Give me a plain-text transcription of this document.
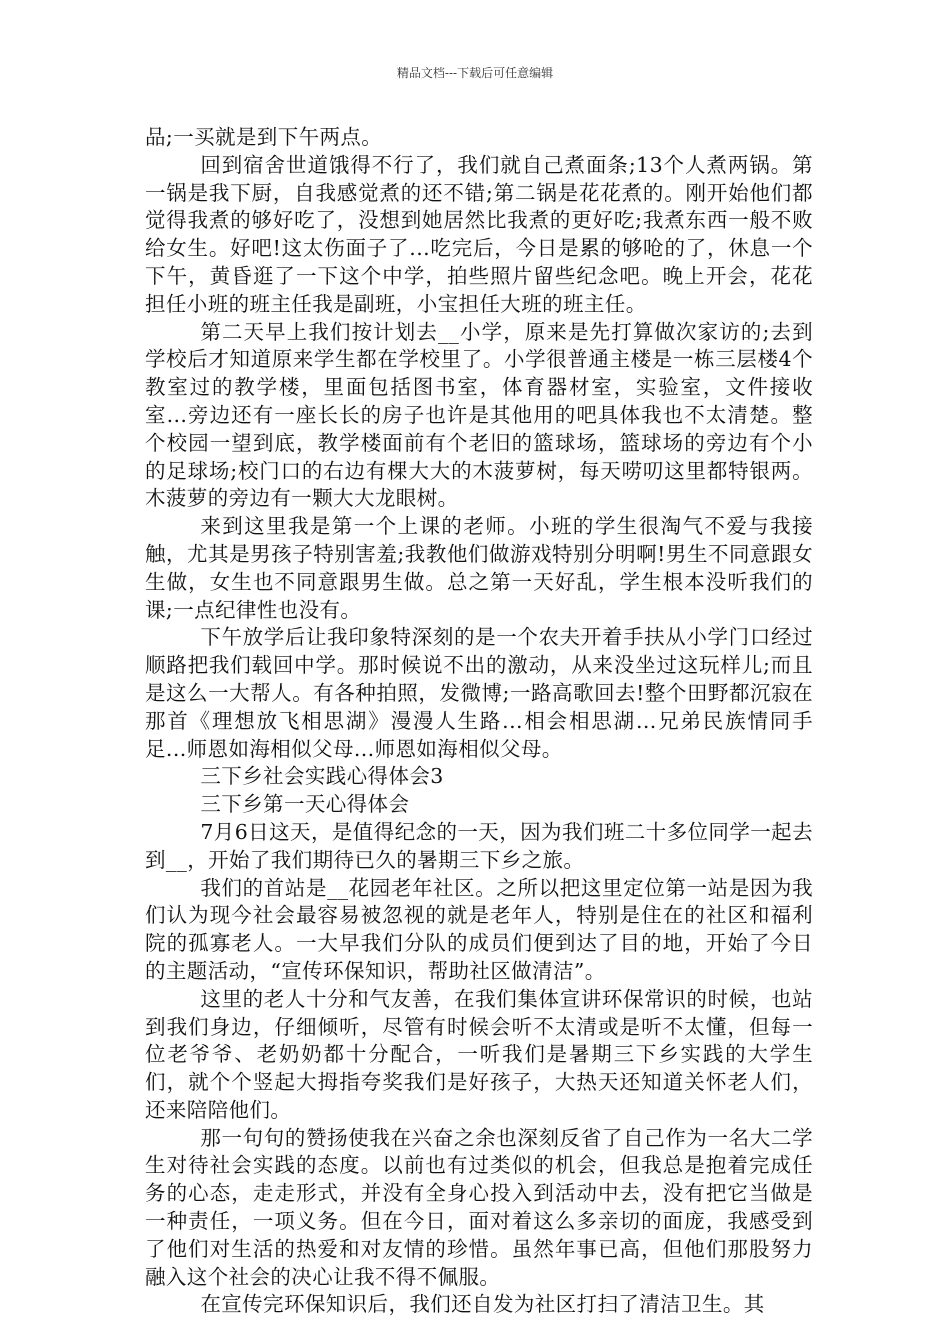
精品文档---下载后可任意编辑

品;一买就是到下午两点。

回到宿舍世道饿得不行了，我们就自己煮面条;13个人煮两锅。第一锅是我下厨，自我感觉煮的还不错;第二锅是花花煮的。刚开始他们都觉得我煮的够好吃了，没想到她居然比我煮的更好吃;我煮东西一般不败给女生。好吧!这太伤面子了...吃完后，今日是累的够呛的了，休息一个下午，黄昏逛了一下这个中学，拍些照片留些纪念吧。晚上开会，花花担任小班的班主任我是副班，小宝担任大班的班主任。

第二天早上我们按计划去__小学，原来是先打算做次家访的;去到学校后才知道原来学生都在学校里了。小学很普通主楼是一栋三层楼4个教室过的教学楼，里面包括图书室，体育器材室，实验室，文件接收室...旁边还有一座长长的房子也许是其他用的吧具体我也不太清楚。整个校园一望到底，教学楼面前有个老旧的篮球场，篮球场的旁边有个小的足球场;校门口的右边有棵大大的木菠萝树，每天唠叨这里都特银两。木菠萝的旁边有一颗大大龙眼树。

来到这里我是第一个上课的老师。小班的学生很淘气不爱与我接触，尤其是男孩子特别害羞;我教他们做游戏特别分明啊!男生不同意跟女生做，女生也不同意跟男生做。总之第一天好乱，学生根本没听我们的课;一点纪律性也没有。

下午放学后让我印象特深刻的是一个农夫开着手扶从小学门口经过顺路把我们载回中学。那时候说不出的激动，从来没坐过这玩样儿;而且是这么一大帮人。有各种拍照，发微博;一路高歌回去!整个田野都沉寂在那首《理想放飞相思湖》漫漫人生路...相会相思湖...兄弟民族情同手足...师恩如海相似父母...师恩如海相似父母。

三下乡社会实践心得体会3

三下乡第一天心得体会

7月6日这天，是值得纪念的一天，因为我们班二十多位同学一起去到__，开始了我们期待已久的暑期三下乡之旅。

我们的首站是__花园老年社区。之所以把这里定位第一站是因为我们认为现今社会最容易被忽视的就是老年人，特别是住在的社区和福利院的孤寡老人。一大早我们分队的成员们便到达了目的地，开始了今日的主题活动，“宣传环保知识，帮助社区做清洁”。

这里的老人十分和气友善，在我们集体宣讲环保常识的时候，也站到我们身边，仔细倾听，尽管有时候会听不太清或是听不太懂，但每一位老爷爷、老奶奶都十分配合，一听我们是暑期三下乡实践的大学生们，就个个竖起大拇指夸奖我们是好孩子，大热天还知道关怀老人们，还来陪陪他们。

那一句句的赞扬使我在兴奋之余也深刻反省了自己作为一名大二学生对待社会实践的态度。以前也有过类似的机会，但我总是抱着完成任务的心态，走走形式，并没有全身心投入到活动中去，没有把它当做是一种责任，一项义务。但在今日，面对着这么多亲切的面庞，我感受到了他们对生活的热爱和对友情的珍惜。虽然年事已高，但他们那股努力融入这个社会的决心让我不得不佩服。

在宣传完环保知识后，我们还自发为社区打扫了清洁卫生。其
